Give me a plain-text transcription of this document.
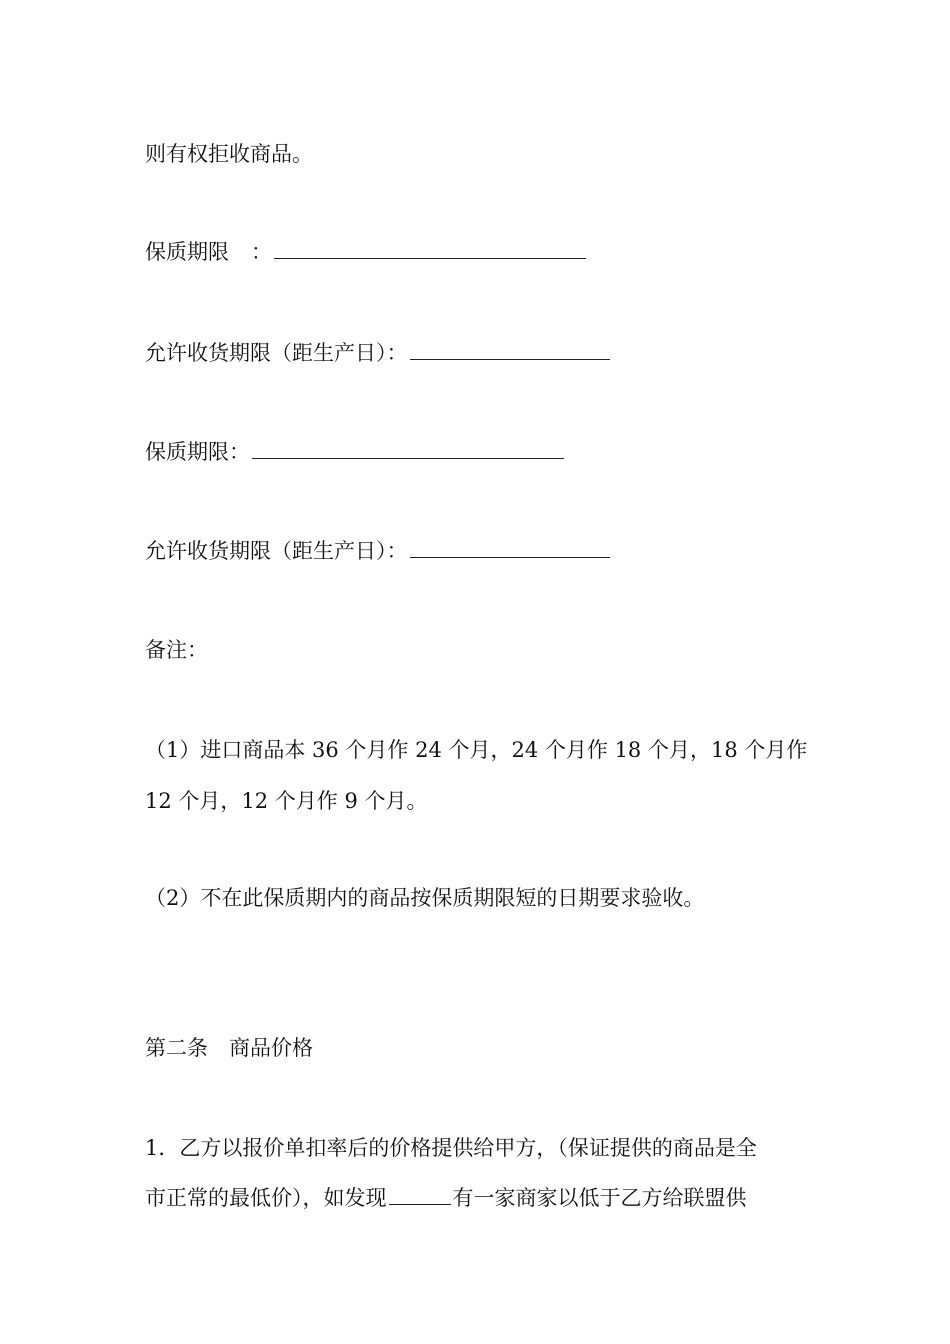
则有权拒收商品。
保质期限 ：
允许收货期限（距生产日）：
保质期限：
允许收货期限（距生产日）：
备注：
（1）进口商品本 36 个月作 24 个月，24 个月作 18 个月，18 个月作
12 个月，12 个月作 9 个月。
（2）不在此保质期内的商品按保质期限短的日期要求验收。
第二条　商品价格
1．乙方以报价单扣率后的价格提供给甲方，（保证提供的商品是全
市正常的最低价），如发现	有一家商家以低于乙方给联盟供
